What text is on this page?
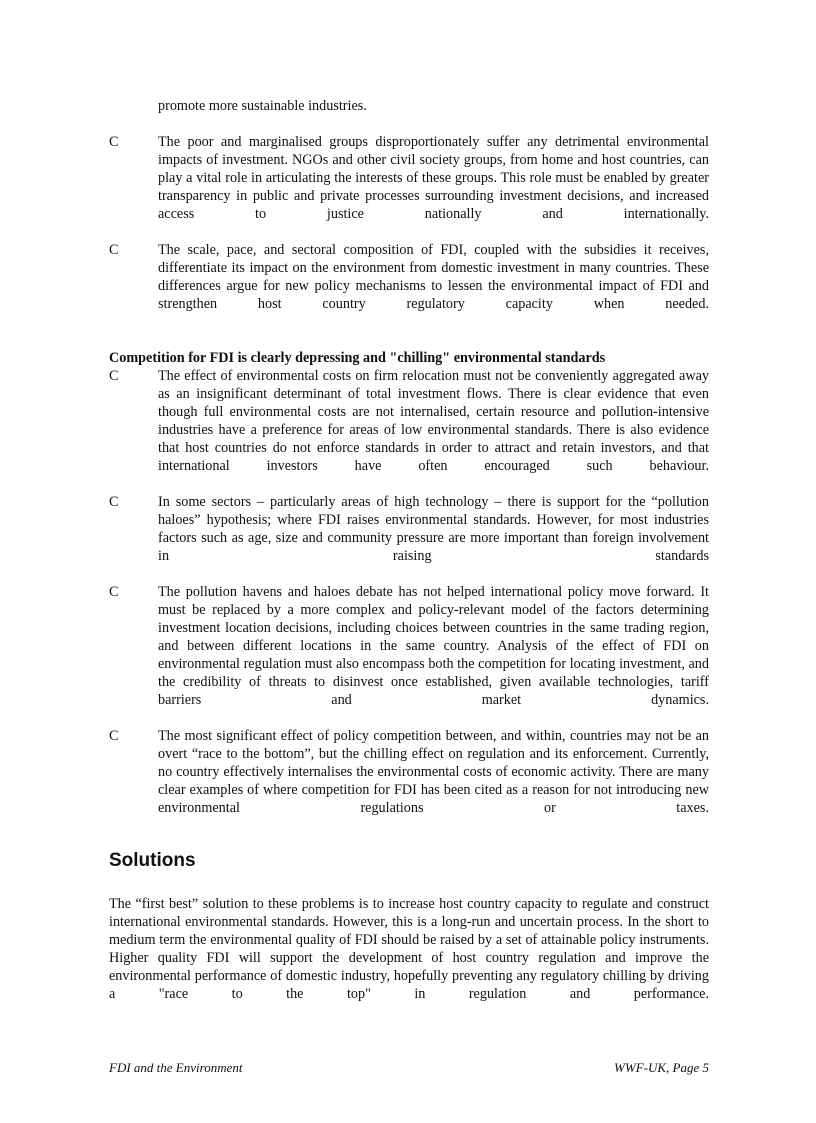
promote more sustainable industries.
C	The poor and marginalised groups disproportionately suffer any detrimental environmental impacts of investment. NGOs and other civil society groups, from home and host countries, can play a vital role in articulating the interests of these groups. This role must be enabled by greater transparency in public and private processes surrounding investment decisions, and increased access to justice nationally and internationally.
C	The scale, pace, and sectoral composition of FDI, coupled with the subsidies it receives, differentiate its impact on the environment from domestic investment in many countries. These differences argue for new policy mechanisms to lessen the environmental impact of FDI and strengthen host country regulatory capacity when needed.
Competition for FDI is clearly depressing and "chilling" environmental standards
C	The effect of environmental costs on firm relocation must not be conveniently aggregated away as an insignificant determinant of total investment flows. There is clear evidence that even though full environmental costs are not internalised, certain resource and pollution-intensive industries have a preference for areas of low environmental standards. There is also evidence that host countries do not enforce standards in order to attract and retain investors, and that international investors have often encouraged such behaviour.
C	In some sectors – particularly areas of high technology – there is support for the “pollution haloes” hypothesis; where FDI raises environmental standards. However, for most industries factors such as age, size and community pressure are more important than foreign involvement in raising standards
C	The pollution havens and haloes debate has not helped international policy move forward. It must be replaced by a more complex and policy-relevant model of the factors determining investment location decisions, including choices between countries in the same trading region, and between different locations in the same country. Analysis of the effect of FDI on environmental regulation must also encompass both the competition for locating investment, and the credibility of threats to disinvest once established, given available technologies, tariff barriers and market dynamics.
C	The most significant effect of policy competition between, and within, countries may not be an overt “race to the bottom”, but the chilling effect on regulation and its enforcement. Currently, no country effectively internalises the environmental costs of economic activity. There are many clear examples of where competition for FDI has been cited as a reason for not introducing new environmental regulations or taxes.
Solutions
The “first best” solution to these problems is to increase host country capacity to regulate and construct international environmental standards. However, this is a long-run and uncertain process. In the short to medium term the environmental quality of FDI should be raised by a set of attainable policy instruments. Higher quality FDI will support the development of host country regulation and improve the environmental performance of domestic industry, hopefully preventing any regulatory chilling by driving a "race to the top" in regulation and performance.
FDI and the Environment	WWF-UK, Page 5
